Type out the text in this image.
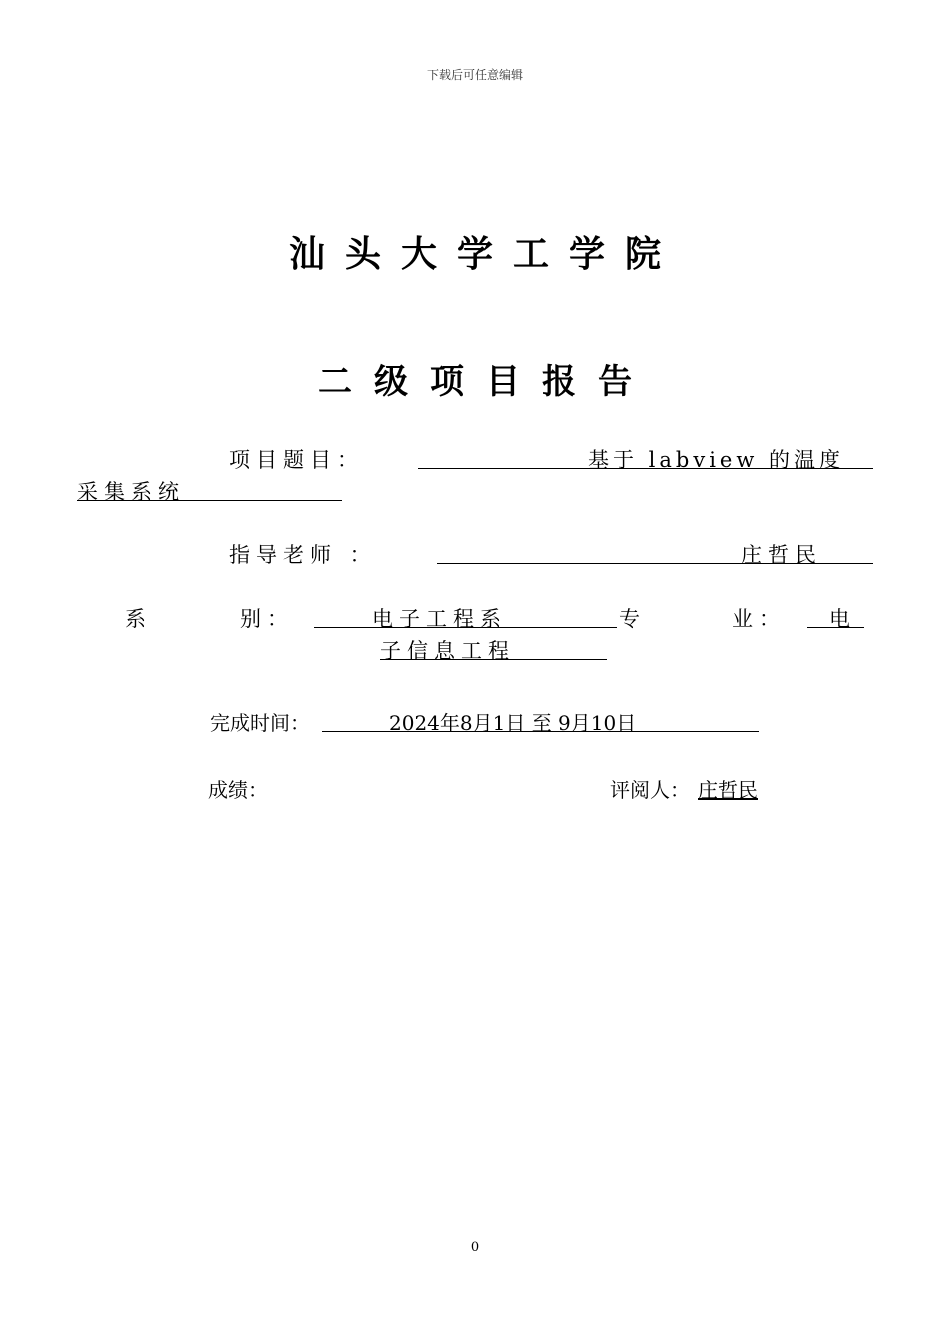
下载后可任意编辑
汕头大学工学院
二级项目报告
项目题目：	基于 labview 的温度
采集系统
指导老师 ：	庄哲民
系	别：	电子工程系	专	业： 电
子信息工程
完成时间：	2024年8月1日 至 9月10日
成绩：	评阅人： 庄哲民
0
